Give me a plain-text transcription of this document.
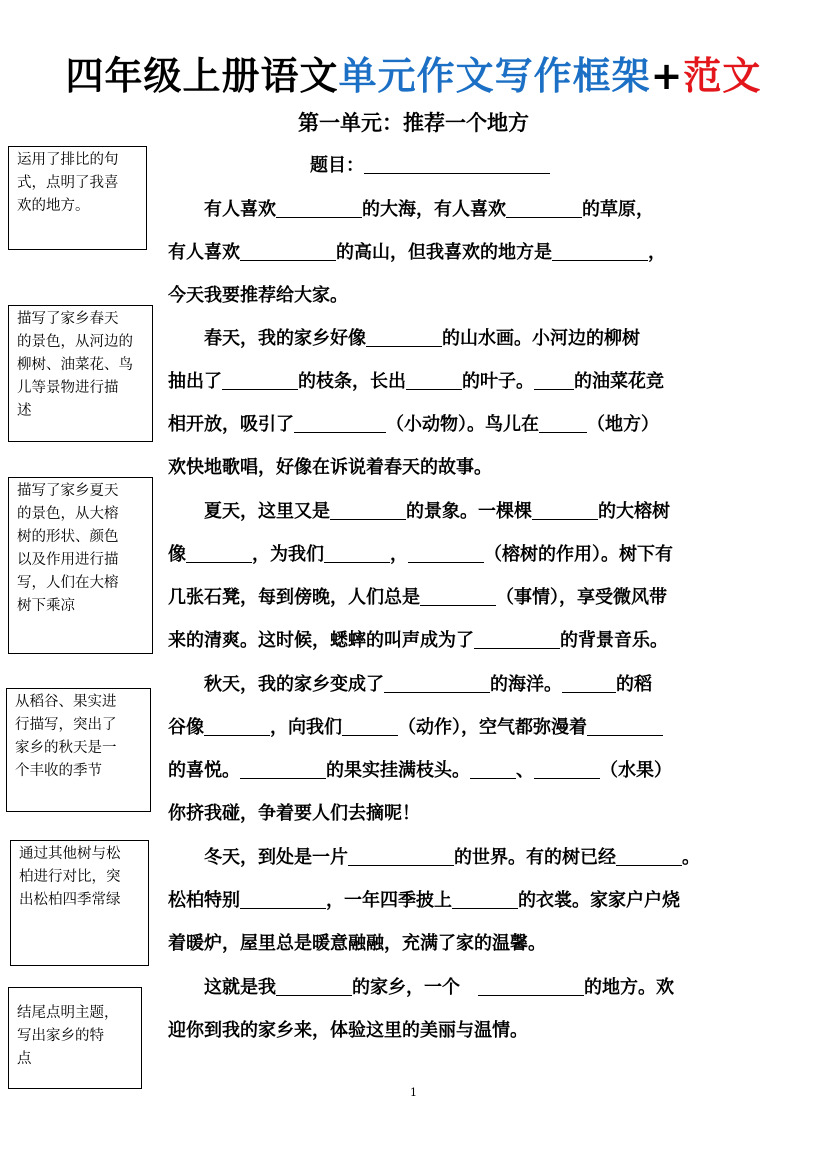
四年级上册语文单元作文写作框架+范文
第一单元：推荐一个地方
题目：
　　有人喜欢	的大海，有人喜欢	的草原，
有人喜欢	的高山，但我喜欢的地方是	，
今天我要推荐给大家。
　　春天，我的家乡好像	的山水画。小河边的柳树
抽出了	的枝条，长出	的叶子。 的油菜花竞
相开放，吸引了	（小动物）。鸟儿在	（地方）
欢快地歌唱，好像在诉说着春天的故事。
　　夏天，这里又是	的景象。一棵棵	的大榕树
像	，为我们	，	（榕树的作用）。树下有
几张石凳，每到傍晚，人们总是	（事情），享受微风带
来的清爽。这时候，蟋蟀的叫声成为了	的背景音乐。
　　秋天，我的家乡变成了	的海洋。	的稻
谷像	，向我们	（动作），空气都弥漫着
的喜悦。	的果实挂满枝头。	、	（水果）
你挤我碰，争着要人们去摘呢！
　　冬天，到处是一片	的世界。有的树已经	。
松柏特别	，一年四季披上	的衣裳。家家户户烧
着暖炉，屋里总是暖意融融，充满了家的温馨。
　　这就是我	的家乡，一个　	的地方。欢
迎你到我的家乡来，体验这里的美丽与温情。
运用了排比的句
式，点明了我喜
欢的地方。
描写了家乡春天
的景色，从河边的
柳树、油菜花、鸟
儿等景物进行描
述
描写了家乡夏天
的景色，从大榕
树的形状、颜色
以及作用进行描
写，人们在大榕
树下乘凉
从稻谷、果实进
行描写，突出了
家乡的秋天是一
个丰收的季节
通过其他树与松
柏进行对比，突
出松柏四季常绿
结尾点明主题，
写出家乡的特
点
1
